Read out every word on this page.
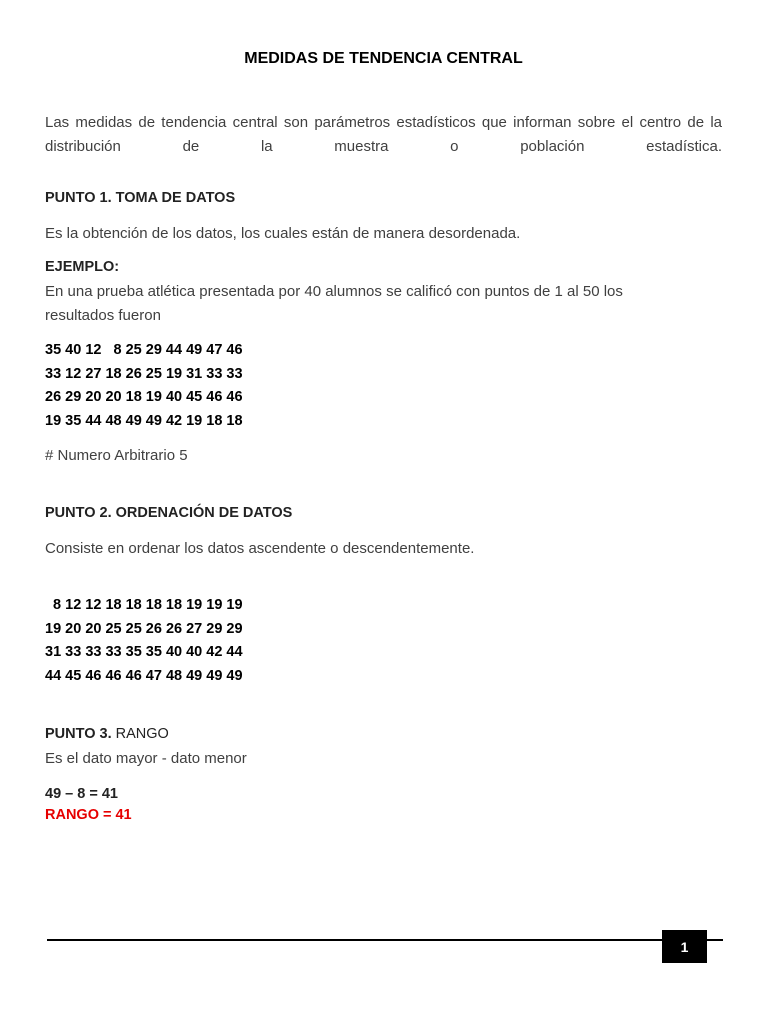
MEDIDAS DE TENDENCIA CENTRAL
Las medidas de tendencia central son parámetros estadísticos que informan sobre el centro de la distribución de la muestra o población estadística.
PUNTO 1. TOMA DE DATOS
Es la obtención de los datos, los cuales están de manera desordenada.
EJEMPLO:
En una prueba atlética presentada por 40 alumnos se calificó con puntos de 1 al 50 los
resultados fueron
35 40 12   8 25 29 44 49 47 46
33 12 27 18 26 25 19 31 33 33
26 29 20 20 18 19 40 45 46 46
19 35 44 48 49 49 42 19 18 18
# Numero Arbitrario 5
PUNTO 2. ORDENACIÓN DE DATOS
Consiste en ordenar los datos ascendente o descendentemente.
8 12 12 18 18 18 18 19 19 19
19 20 20 25 25 26 26 27 29 29
31 33 33 33 35 35 40 40 42 44
44 45 46 46 46 47 48 49 49 49
PUNTO 3. RANGO
Es el dato mayor - dato menor
49 – 8 = 41
RANGO = 41
1
